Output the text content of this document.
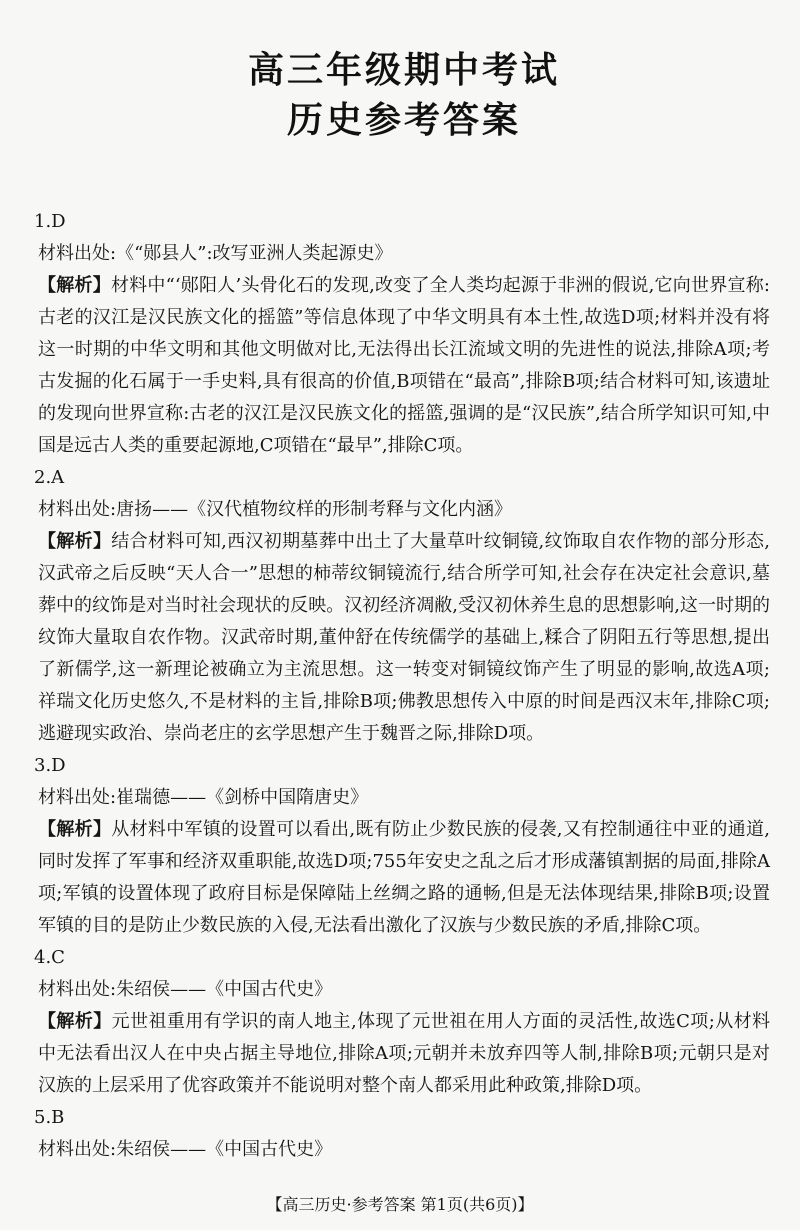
高三年级期中考试
历史参考答案
1.D
材料出处:《“郧县人”:改写亚洲人类起源史》
【解析】材料中“‘郧阳人’头骨化石的发现,改变了全人类均起源于非洲的假说,它向世界宣称:古老的汉江是汉民族文化的摇篮”等信息体现了中华文明具有本土性,故选D项;材料并没有将这一时期的中华文明和其他文明做对比,无法得出长江流域文明的先进性的说法,排除A项;考古发掘的化石属于一手史料,具有很高的价值,B项错在“最高”,排除B项;结合材料可知,该遗址的发现向世界宣称:古老的汉江是汉民族文化的摇篮,强调的是“汉民族”,结合所学知识可知,中国是远古人类的重要起源地,C项错在“最早”,排除C项。
2.A
材料出处:唐扬——《汉代植物纹样的形制考释与文化内涵》
【解析】结合材料可知,西汉初期墓葬中出土了大量草叶纹铜镜,纹饰取自农作物的部分形态,汉武帝之后反映“天人合一”思想的柿蒂纹铜镜流行,结合所学可知,社会存在决定社会意识,墓葬中的纹饰是对当时社会现状的反映。汉初经济凋敝,受汉初休养生息的思想影响,这一时期的纹饰大量取自农作物。汉武帝时期,董仲舒在传统儒学的基础上,糅合了阴阳五行等思想,提出了新儒学,这一新理论被确立为主流思想。这一转变对铜镜纹饰产生了明显的影响,故选A项;祥瑞文化历史悠久,不是材料的主旨,排除B项;佛教思想传入中原的时间是西汉末年,排除C项;逃避现实政治、崇尚老庄的玄学思想产生于魏晋之际,排除D项。
3.D
材料出处:崔瑞德——《剑桥中国隋唐史》
【解析】从材料中军镇的设置可以看出,既有防止少数民族的侵袭,又有控制通往中亚的通道,同时发挥了军事和经济双重职能,故选D项;755年安史之乱之后才形成藩镇割据的局面,排除A项;军镇的设置体现了政府目标是保障陆上丝绸之路的通畅,但是无法体现结果,排除B项;设置军镇的目的是防止少数民族的入侵,无法看出激化了汉族与少数民族的矛盾,排除C项。
4.C
材料出处:朱绍侯——《中国古代史》
【解析】元世祖重用有学识的南人地主,体现了元世祖在用人方面的灵活性,故选C项;从材料中无法看出汉人在中央占据主导地位,排除A项;元朝并未放弃四等人制,排除B项;元朝只是对汉族的上层采用了优容政策并不能说明对整个南人都采用此种政策,排除D项。
5.B
材料出处:朱绍侯——《中国古代史》
【高三历史·参考答案 第1页(共6页)】
